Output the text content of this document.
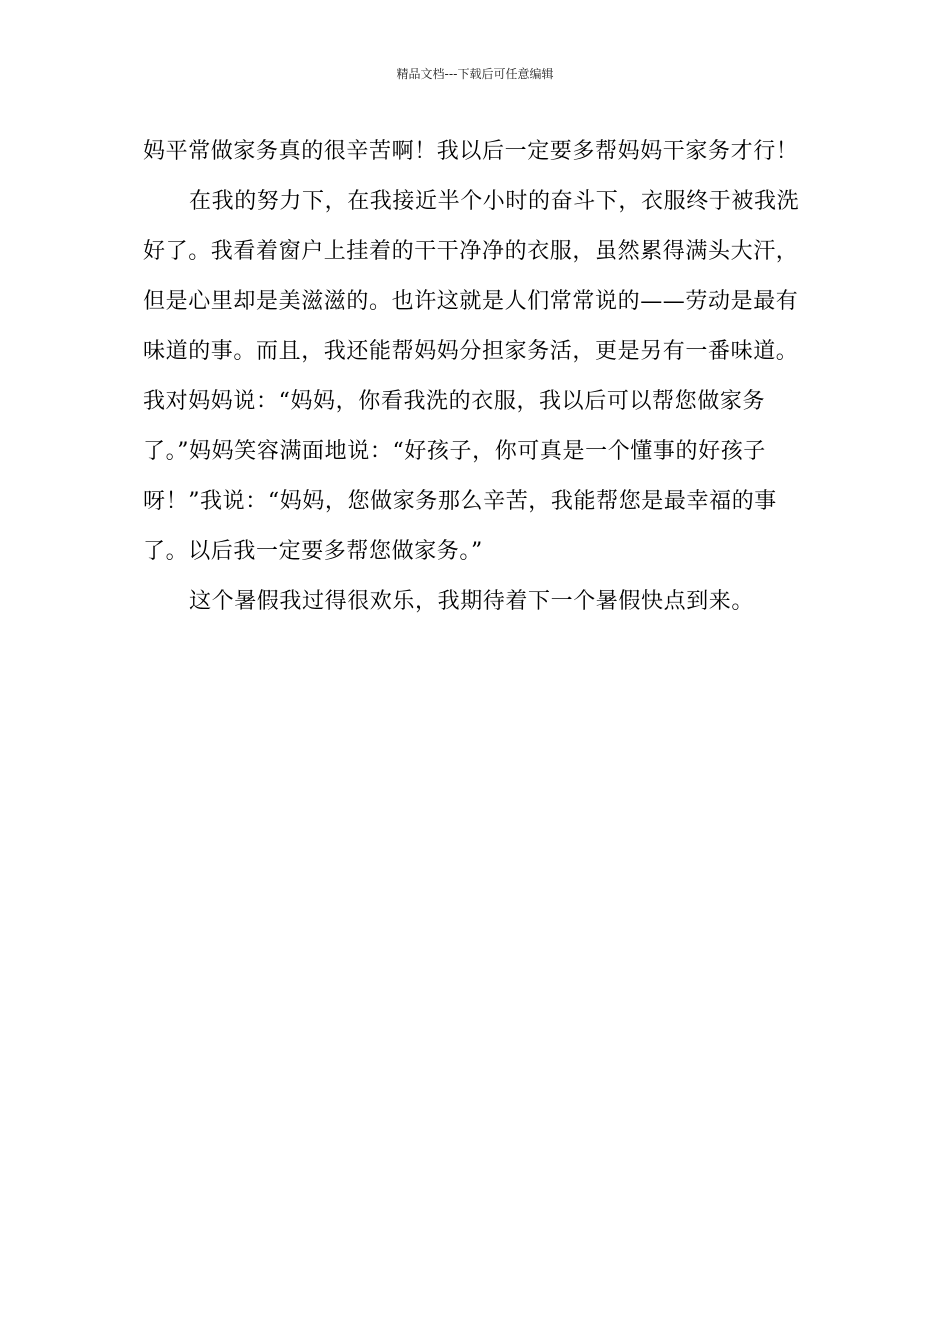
精品文档---下载后可任意编辑
妈平常做家务真的很辛苦啊！我以后一定要多帮妈妈干家务才行！
在我的努力下，在我接近半个小时的奋斗下，衣服终于被我洗
好了。我看着窗户上挂着的干干净净的衣服，虽然累得满头大汗，
但是心里却是美滋滋的。也许这就是人们常常说的——劳动是最有
味道的事。而且，我还能帮妈妈分担家务活，更是另有一番味道。
我对妈妈说：“妈妈，你看我洗的衣服，我以后可以帮您做家务
了。”妈妈笑容满面地说：“好孩子，你可真是一个懂事的好孩子
呀！”我说：“妈妈，您做家务那么辛苦，我能帮您是最幸福的事
了。以后我一定要多帮您做家务。”
这个暑假我过得很欢乐，我期待着下一个暑假快点到来。
